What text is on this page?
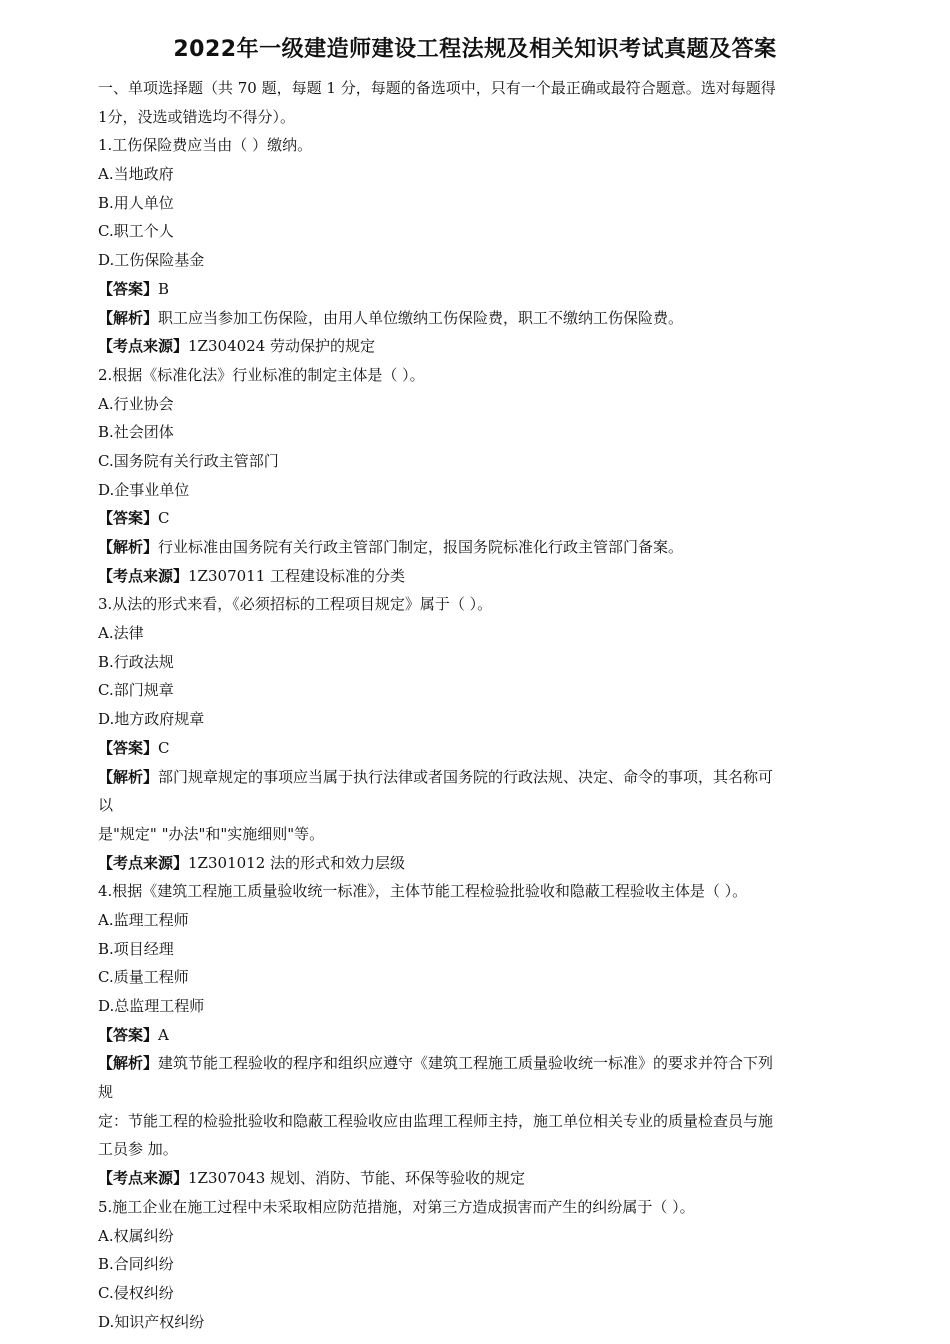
2022年一级建造师建设工程法规及相关知识考试真题及答案
一、单项选择题（共 70 题，每题 1 分，每题的备选项中，只有一个最正确或最符合题意。选对每题得
1分，没选或错选均不得分）。
1.工伤保险费应当由（ ）缴纳。
A.当地政府
B.用人单位
C.职工个人
D.工伤保险基金
【答案】B
【解析】职工应当参加工伤保险，由用人单位缴纳工伤保险费，职工不缴纳工伤保险费。
【考点来源】1Z304024 劳动保护的规定
2.根据《标准化法》行业标准的制定主体是（ ）。
A.行业协会
B.社会团体
C.国务院有关行政主管部门
D.企事业单位
【答案】C
【解析】行业标准由国务院有关行政主管部门制定，报国务院标准化行政主管部门备案。
【考点来源】1Z307011 工程建设标准的分类
3.从法的形式来看，《必须招标的工程项目规定》属于（ ）。
A.法律
B.行政法规
C.部门规章
D.地方政府规章
【答案】C
【解析】部门规章规定的事项应当属于执行法律或者国务院的行政法规、决定、命令的事项，其名称可
以
是"规定" "办法"和"实施细则"等。
【考点来源】1Z301012 法的形式和效力层级
4.根据《建筑工程施工质量验收统一标准》，主体节能工程检验批验收和隐蔽工程验收主体是（ ）。
A.监理工程师
B.项目经理
C.质量工程师
D.总监理工程师
【答案】A
【解析】建筑节能工程验收的程序和组织应遵守《建筑工程施工质量验收统一标准》的要求并符合下列
规
定：节能工程的检验批验收和隐蔽工程验收应由监理工程师主持，施工单位相关专业的质量检查员与施
工员参 加。
【考点来源】1Z307043 规划、消防、节能、环保等验收的规定
5.施工企业在施工过程中未采取相应防范措施，对第三方造成损害而产生的纠纷属于（ ）。
A.权属纠纷
B.合同纠纷
C.侵权纠纷
D.知识产权纠纷
